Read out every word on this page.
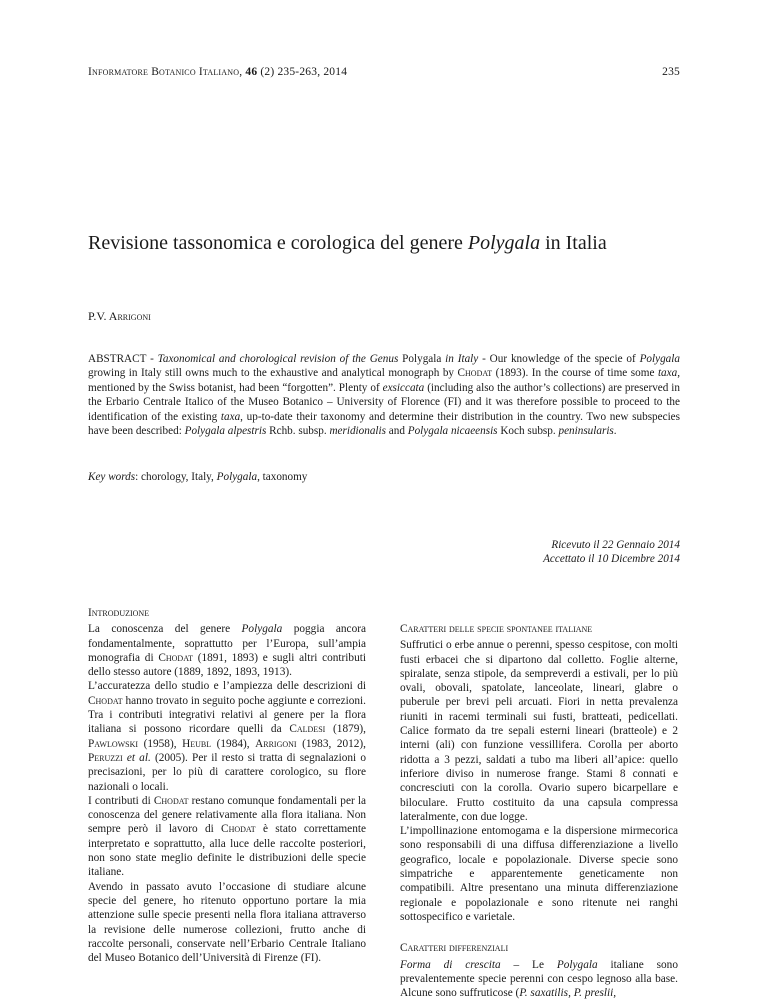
Informatore Botanico Italiano, 46 (2) 235-263, 2014	235
Revisione tassonomica e corologica del genere Polygala in Italia

P.V. Arrigoni

ABSTRACT - Taxonomical and chorological revision of the Genus Polygala in Italy - Our knowledge of the specie of Polygala growing in Italy still owns much to the exhaustive and analytical monograph by Chodat (1893). In the course of time some taxa, mentioned by the Swiss botanist, had been “forgotten”. Plenty of exsiccata (including also the author’s collections) are preserved in the Erbario Centrale Italico of the Museo Botanico – University of Florence (FI) and it was therefore possible to proceed to the identification of the existing taxa, up-to-date their taxonomy and determine their distribution in the country. Two new subspecies have been described: Polygala alpestris Rchb. subsp. meridionalis and Polygala nicaeensis Koch subsp. peninsularis.

Key words: chorology, Italy, Polygala, taxonomy

Ricevuto il 22 Gennaio 2014
Accettato il 10 Dicembre 2014
Introduzione

La conoscenza del genere Polygala poggia ancora fondamentalmente, soprattutto per l’Europa, sull’ampia monografia di Chodat (1891, 1893) e sugli altri contributi dello stesso autore (1889, 1892, 1893, 1913).

L’accuratezza dello studio e l’ampiezza delle descrizioni di Chodat hanno trovato in seguito poche aggiunte e correzioni. Tra i contributi integrativi relativi al genere per la flora italiana si possono ricordare quelli da Caldesi (1879), Pawlowski (1958), Heubl (1984), Arrigoni (1983, 2012), Peruzzi et al. (2005). Per il resto si tratta di segnalazioni o precisazioni, per lo più di carattere corologico, su flore nazionali o locali.

I contributi di Chodat restano comunque fondamentali per la conoscenza del genere relativamente alla flora italiana. Non sempre però il lavoro di Chodat è stato correttamente interpretato e soprattutto, alla luce delle raccolte posteriori, non sono state meglio definite le distribuzioni delle specie italiane.

Avendo in passato avuto l’occasione di studiare alcune specie del genere, ho ritenuto opportuno portare la mia attenzione sulle specie presenti nella flora italiana attraverso la revisione delle numerose collezioni, frutto anche di raccolte personali, conservate nell’Erbario Centrale Italiano del Museo Botanico dell’Università di Firenze (FI).

Caratteri delle specie spontanee italiane

Suffrutici o erbe annue o perenni, spesso cespitose, con molti fusti erbacei che si dipartono dal colletto. Foglie alterne, spiralate, senza stipole, da sempreverdi a estivali, per lo più ovali, obovali, spatolate, lanceolate, lineari, glabre o puberule per brevi peli arcuati. Fiori in netta prevalenza riuniti in racemi terminali sui fusti, bratteati, pedicellati. Calice formato da tre sepali esterni lineari (bratteole) e 2 interni (ali) con funzione vessillifera. Corolla per aborto ridotta a 3 pezzi, saldati a tubo ma liberi all’apice: quello inferiore diviso in numerose frange. Stami 8 connati e concresciuti con la corolla. Ovario supero bicarpellare e biloculare. Frutto costituito da una capsula compressa lateralmente, con due logge.

L’impollinazione entomogama e la dispersione mirmecorica sono responsabili di una diffusa differenziazione a livello geografico, locale e popolazionale. Diverse specie sono simpatriche e apparentemente geneticamente non compatibili. Altre presentano una minuta differenziazione regionale e popolazionale e sono ritenute nei ranghi sottospecifico e varietale.

Caratteri differenziali

Forma di crescita – Le Polygala italiane sono prevalentemente specie perenni con cespo legnoso alla base. Alcune sono suffruticose (P. saxatilis, P. preslii,
